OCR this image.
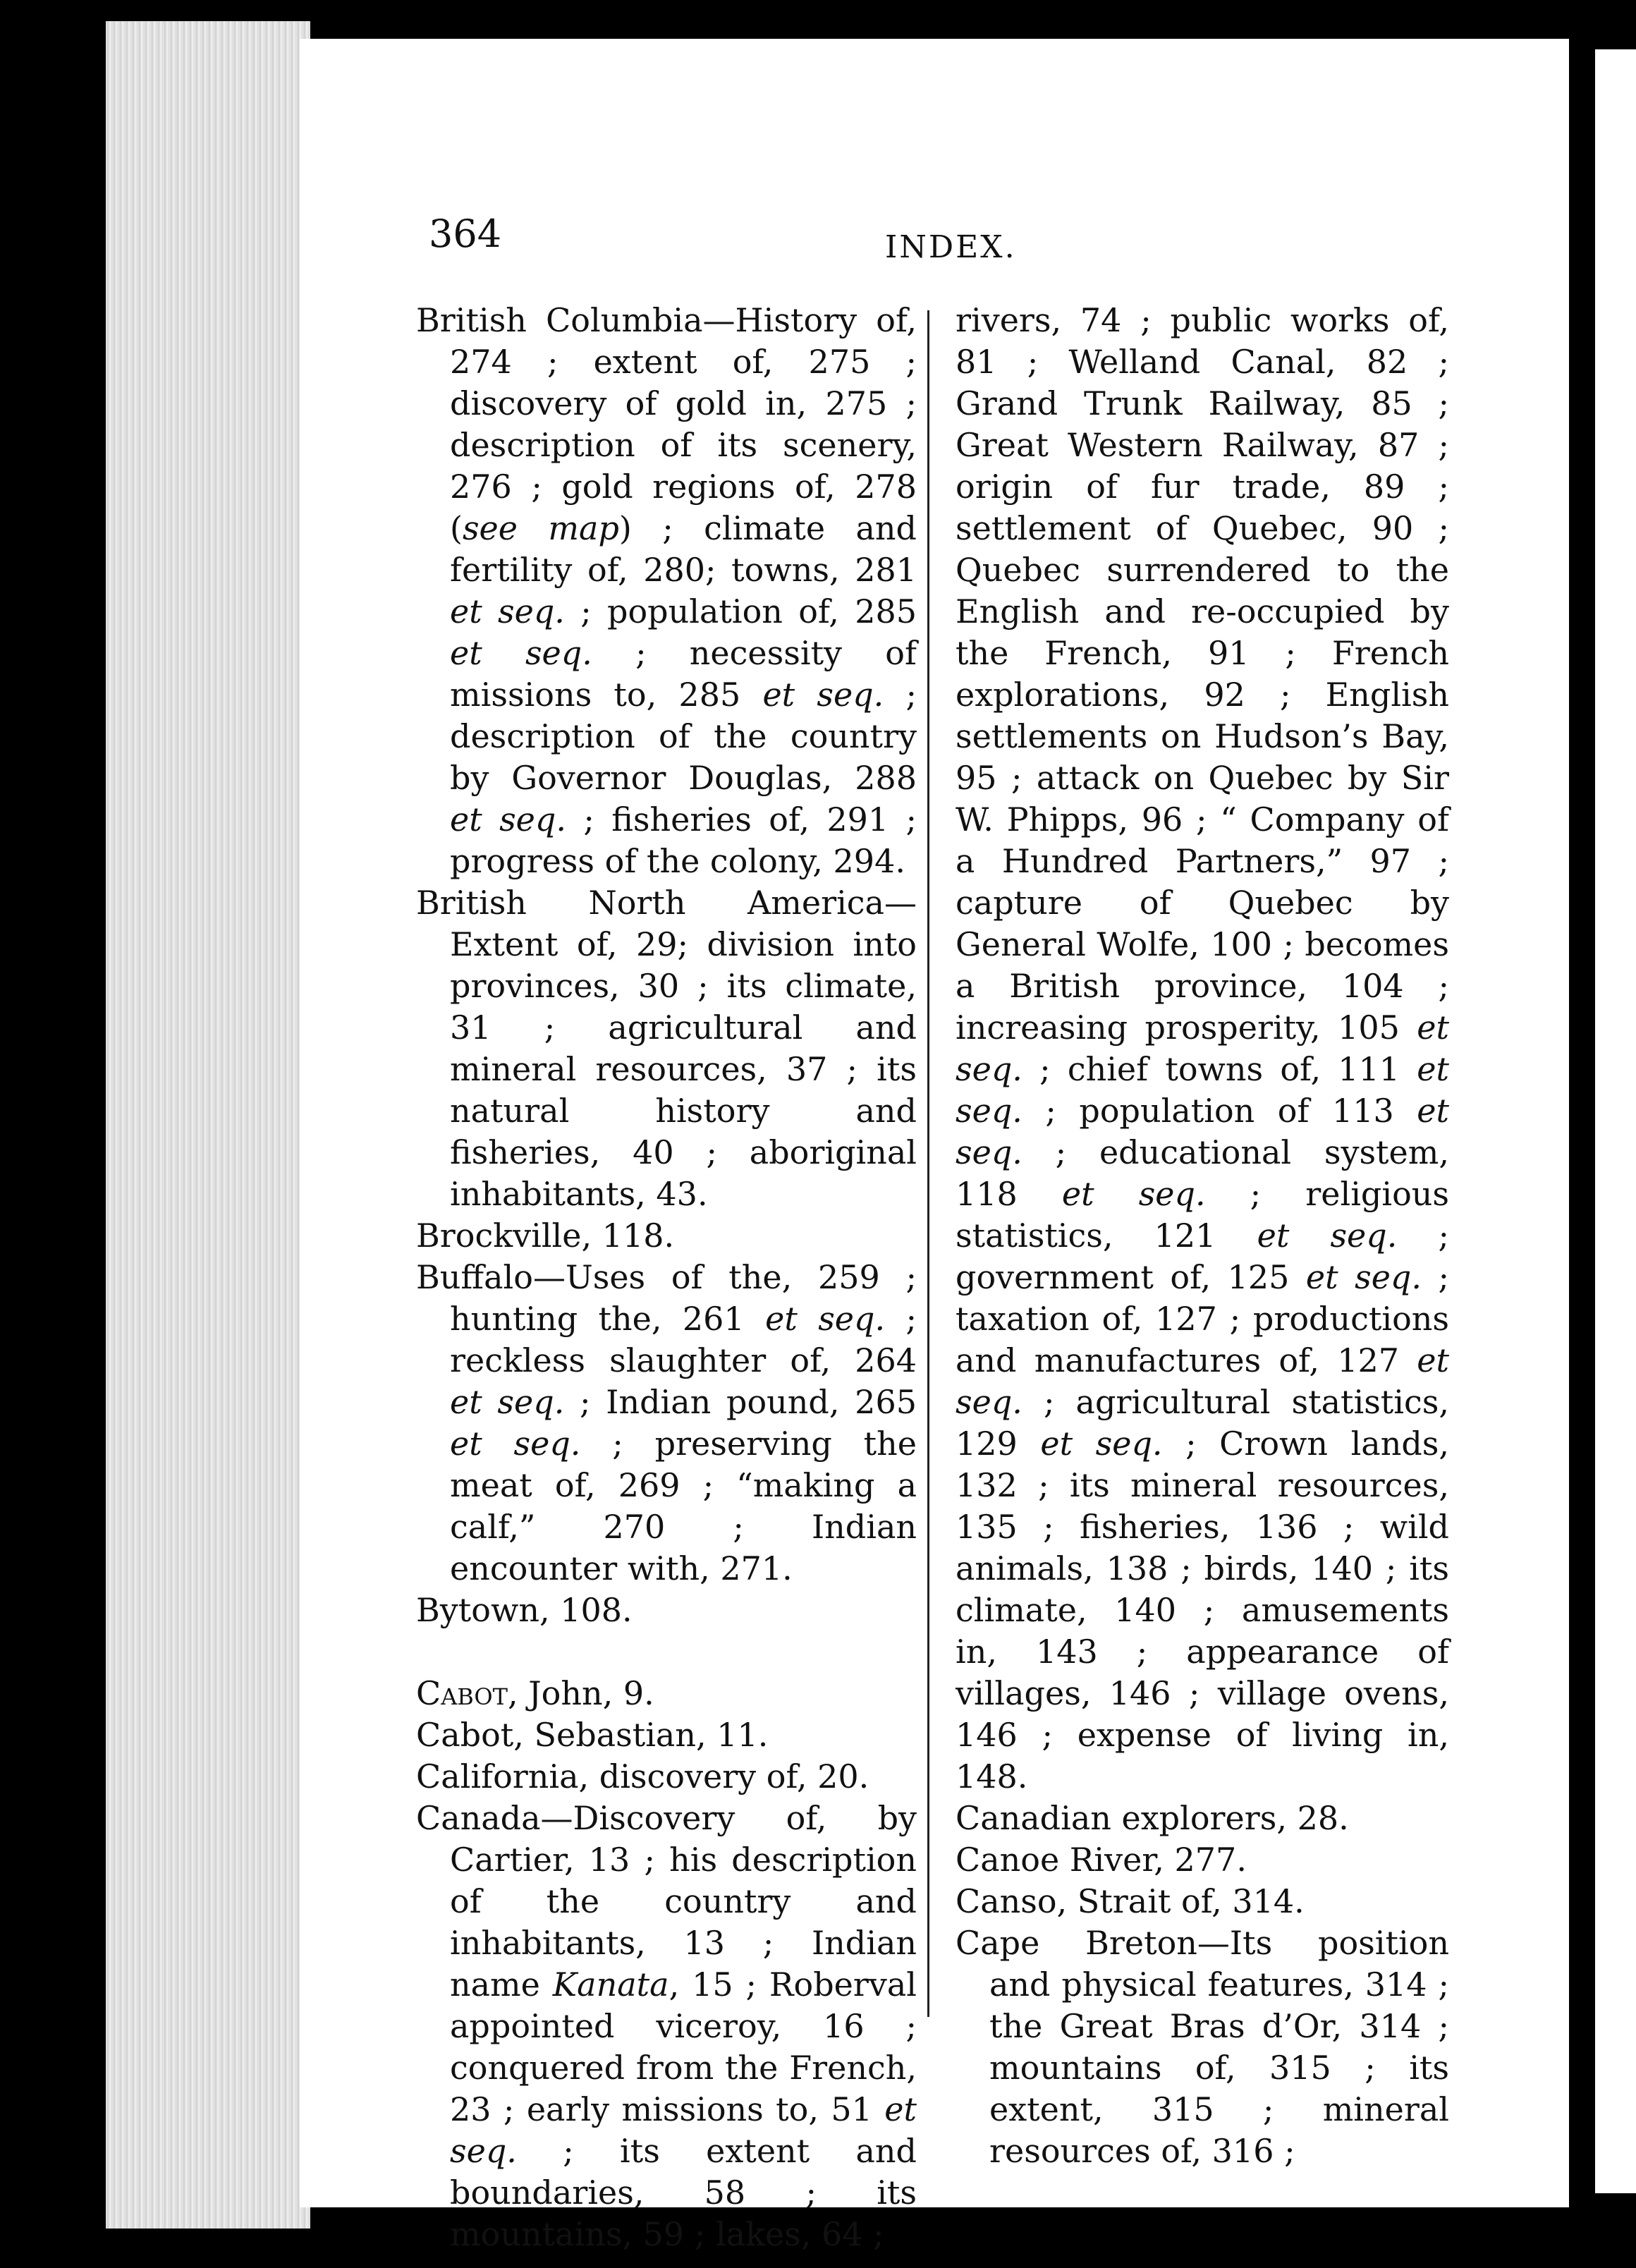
364	INDEX.
British Columbia—History of, 274 ; extent of, 275 ; discovery of gold in, 275 ; description of its scenery, 276 ; gold regions of, 278 (see map) ; climate and fertility of, 280; towns, 281 et seq. ; population of, 285 et seq. ; necessity of missions to, 285 et seq. ; description of the country by Governor Douglas, 288 et seq. ; fisheries of, 291 ; progress of the colony, 294.
British North America—Extent of, 29; division into provinces, 30 ; its climate, 31 ; agricultural and mineral resources, 37 ; its natural history and fisheries, 40 ; aboriginal inhabitants, 43.
Brockville, 118.
Buffalo—Uses of the, 259 ; hunting the, 261 et seq. ; reckless slaughter of, 264 et seq. ; Indian pound, 265 et seq. ; preserving the meat of, 269 ; “making a calf,” 270 ; Indian encounter with, 271.
Bytown, 108.
Cabot, John, 9.
Cabot, Sebastian, 11.
California, discovery of, 20.
Canada—Discovery of, by Cartier, 13 ; his description of the country and inhabitants, 13 ; Indian name Kanata, 15 ; Roberval appointed viceroy, 16 ; conquered from the French, 23 ; early missions to, 51 et seq. ; its extent and boundaries, 58 ; its mountains, 59 ; lakes, 64 ;
rivers, 74 ; public works of, 81 ; Welland Canal, 82 ; Grand Trunk Railway, 85 ; Great Western Railway, 87 ; origin of fur trade, 89 ; settlement of Quebec, 90 ; Quebec surrendered to the English and re-occupied by the French, 91 ; French explorations, 92 ; English settlements on Hudson’s Bay, 95 ; attack on Quebec by Sir W. Phipps, 96 ; “ Company of a Hundred Partners,” 97 ; capture of Quebec by General Wolfe, 100 ; becomes a British province, 104 ; increasing prosperity, 105 et seq. ; chief towns of, 111 et seq. ; population of 113 et seq. ; educational system, 118 et seq. ; religious statistics, 121 et seq. ; government of, 125 et seq. ; taxation of, 127 ; productions and manufactures of, 127 et seq. ; agricultural statistics, 129 et seq. ; Crown lands, 132 ; its mineral resources, 135 ; fisheries, 136 ; wild animals, 138 ; birds, 140 ; its climate, 140 ; amusements in, 143 ; appearance of villages, 146 ; village ovens, 146 ; expense of living in, 148.
Canadian explorers, 28.
Canoe River, 277.
Canso, Strait of, 314.
Cape Breton—Its position and physical features, 314 ; the Great Bras d’Or, 314 ; mountains of, 315 ; its extent, 315 ; mineral resources of, 316 ;
